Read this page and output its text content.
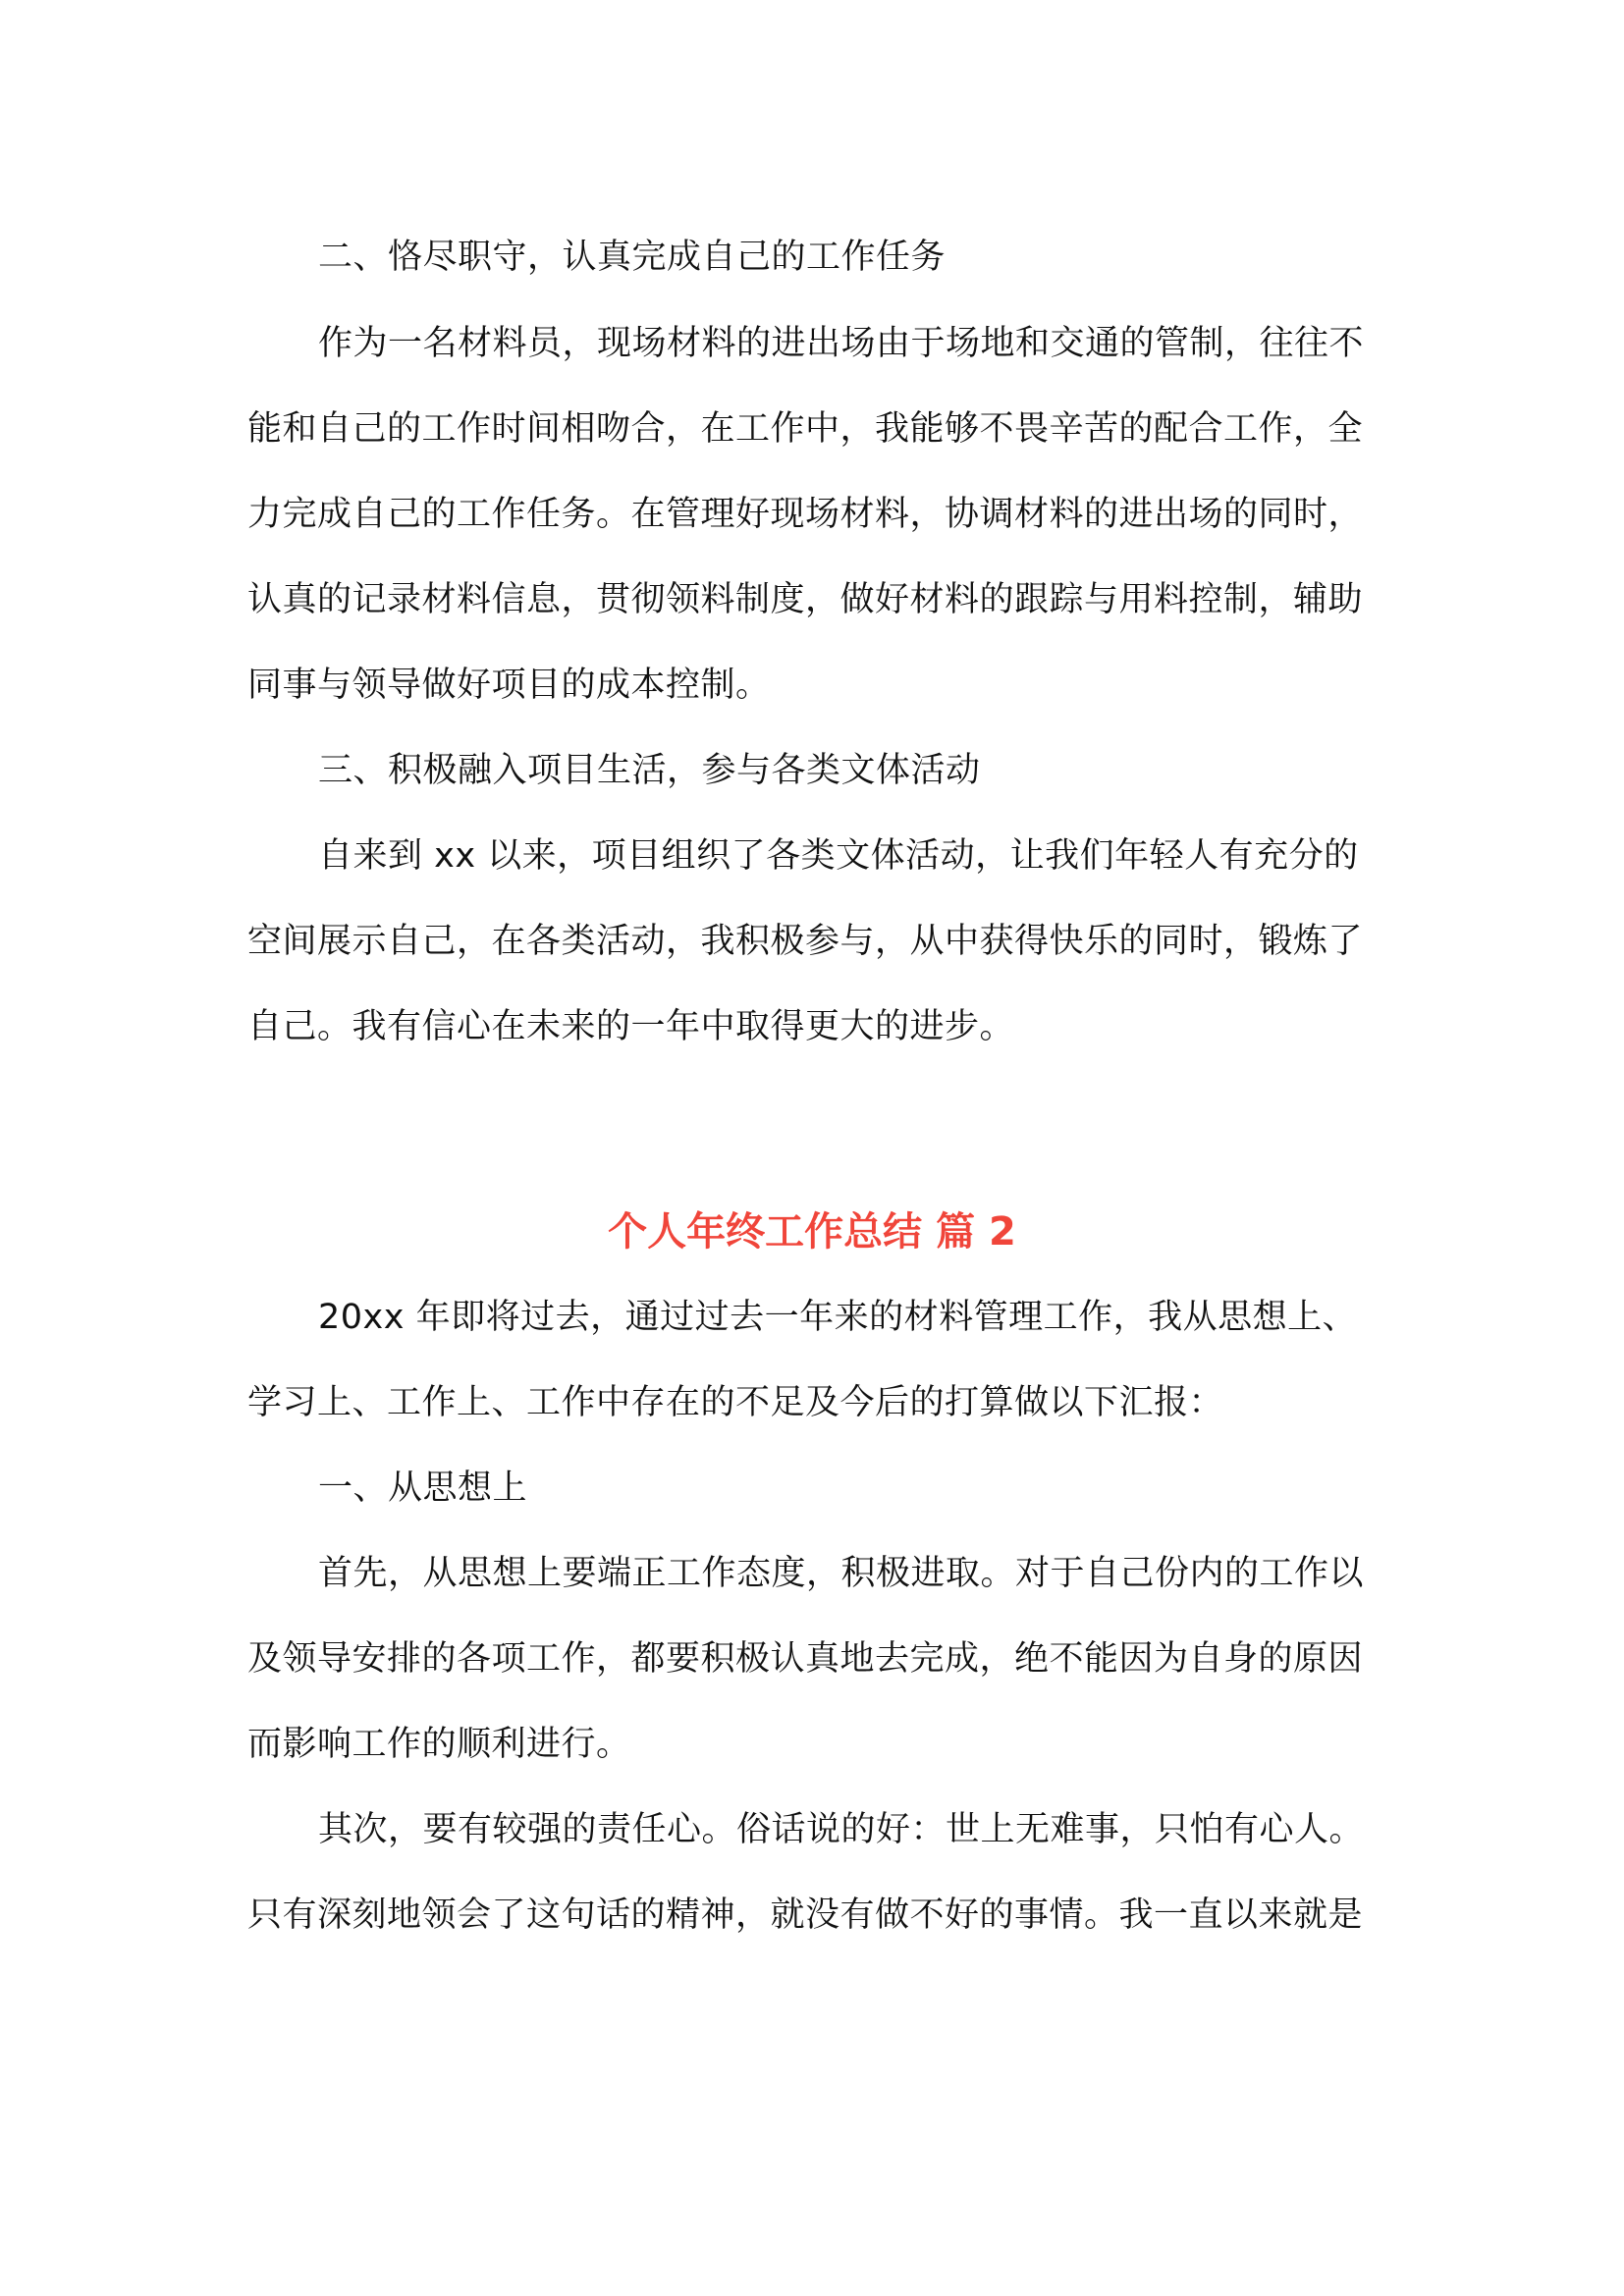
二、恪尽职守，认真完成自己的工作任务
作为一名材料员，现场材料的进出场由于场地和交通的管制，往往不
能和自己的工作时间相吻合，在工作中，我能够不畏辛苦的配合工作，全
力完成自己的工作任务。在管理好现场材料，协调材料的进出场的同时，
认真的记录材料信息，贯彻领料制度，做好材料的跟踪与用料控制，辅助
同事与领导做好项目的成本控制。
三、积极融入项目生活，参与各类文体活动
自来到 xx 以来，项目组织了各类文体活动，让我们年轻人有充分的
空间展示自己，在各类活动，我积极参与，从中获得快乐的同时，锻炼了
自己。我有信心在未来的一年中取得更大的进步。
个人年终工作总结 篇 2
20xx 年即将过去，通过过去一年来的材料管理工作，我从思想上、
学习上、工作上、工作中存在的不足及今后的打算做以下汇报：
一、从思想上
首先，从思想上要端正工作态度，积极进取。对于自己份内的工作以
及领导安排的各项工作，都要积极认真地去完成，绝不能因为自身的原因
而影响工作的顺利进行。
其次，要有较强的责任心。俗话说的好：世上无难事，只怕有心人。
只有深刻地领会了这句话的精神，就没有做不好的事情。我一直以来就是
